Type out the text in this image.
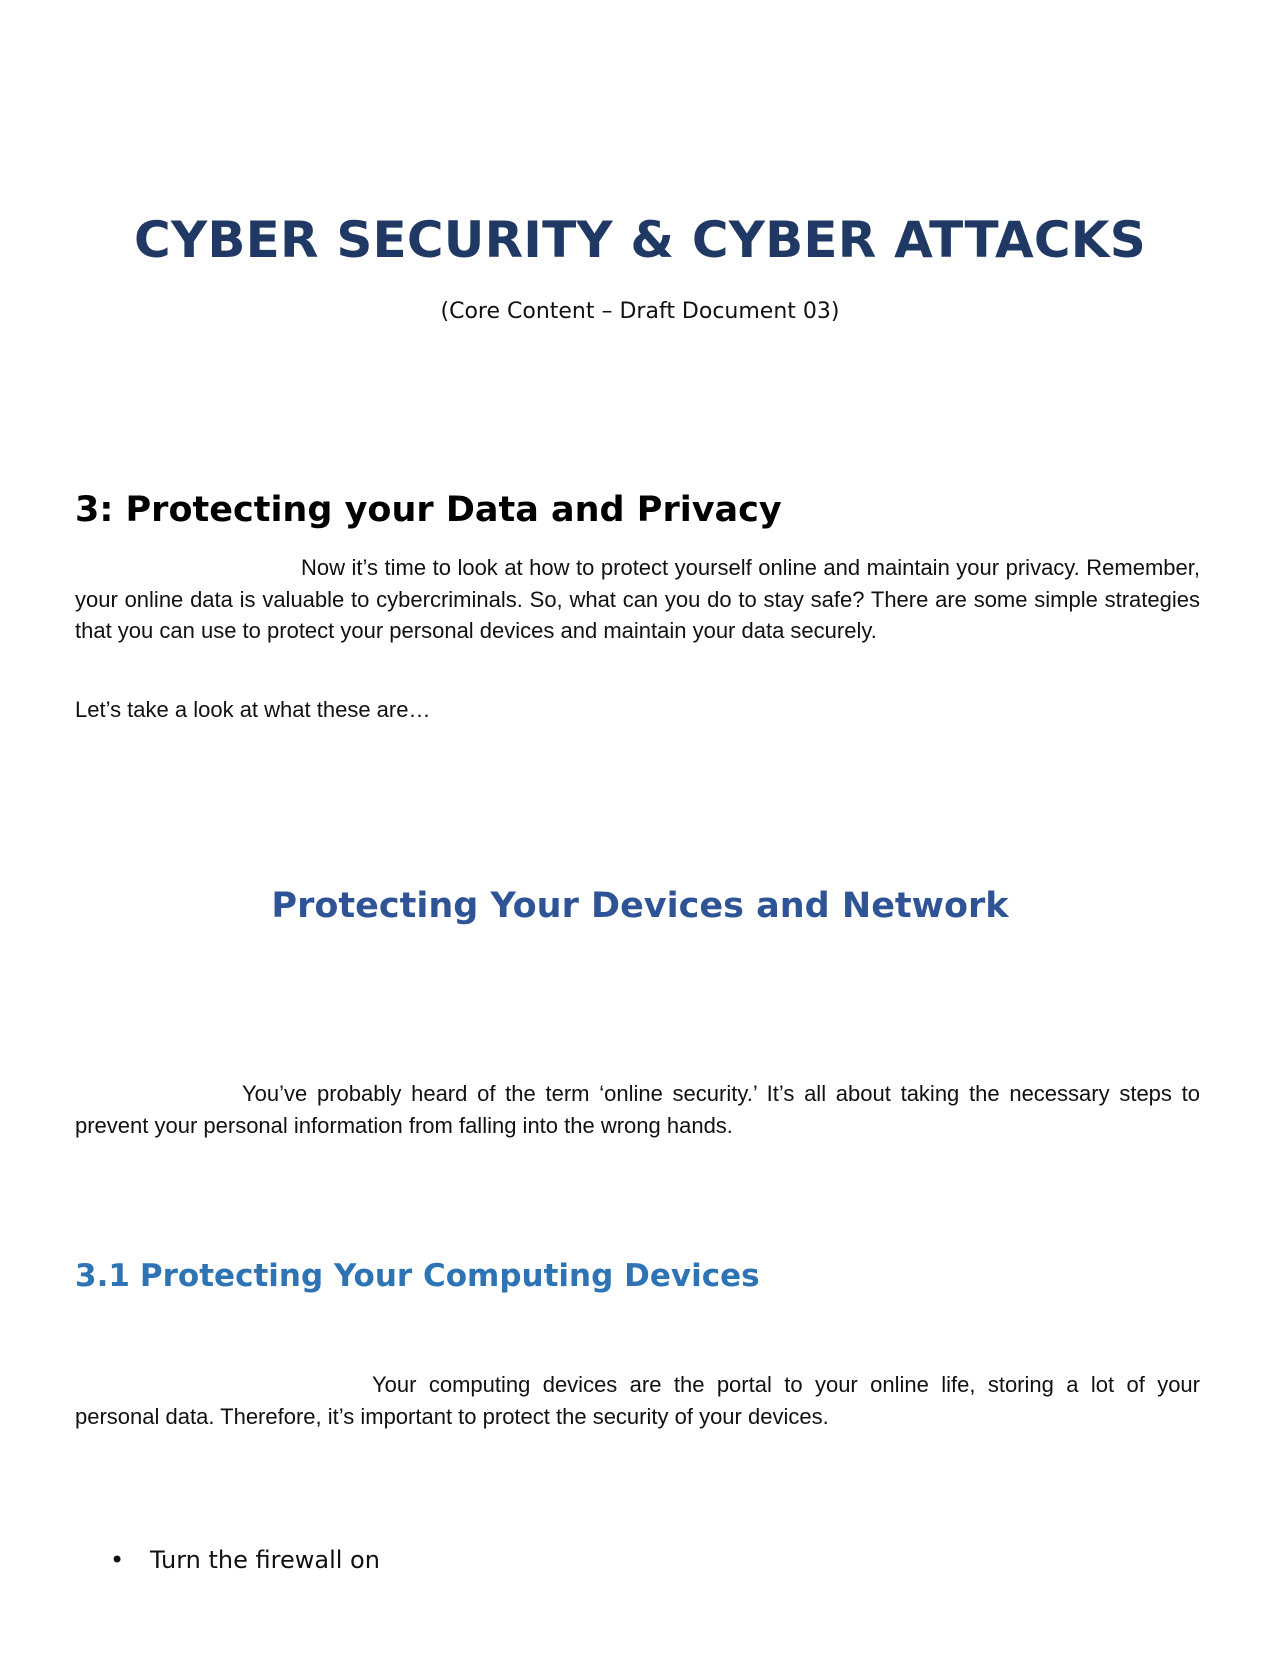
CYBER SECURITY & CYBER ATTACKS

(Core Content – Draft Document 03)

3: Protecting your Data and Privacy

Now it’s time to look at how to protect yourself online and maintain your privacy. Remember, your online data is valuable to cybercriminals. So, what can you do to stay safe? There are some simple strategies that you can use to protect your personal devices and maintain your data securely.

Let’s take a look at what these are…

Protecting Your Devices and Network

You’ve probably heard of the term ‘online security.’ It’s all about taking the necessary steps to prevent your personal information from falling into the wrong hands.

3.1 Protecting Your Computing Devices

Your computing devices are the portal to your online life, storing a lot of your personal data. Therefore, it’s important to protect the security of your devices.

•	Turn the firewall on
